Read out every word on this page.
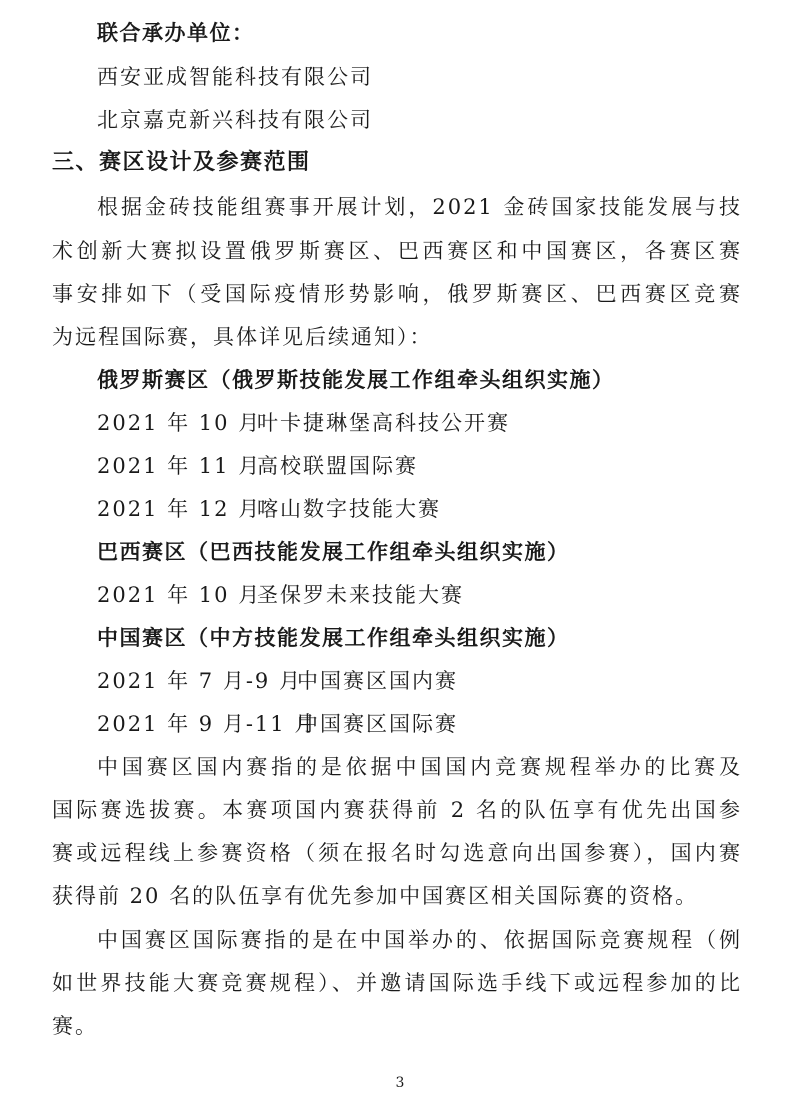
联合承办单位：
西安亚成智能科技有限公司
北京嘉克新兴科技有限公司
三、赛区设计及参赛范围
根据金砖技能组赛事开展计划，2021 金砖国家技能发展与技
术创新大赛拟设置俄罗斯赛区、巴西赛区和中国赛区，各赛区赛
事安排如下（受国际疫情形势影响，俄罗斯赛区、巴西赛区竞赛
为远程国际赛，具体详见后续通知）：
俄罗斯赛区（俄罗斯技能发展工作组牵头组织实施）
2021 年 10 月叶卡捷琳堡高科技公开赛
2021 年 11 月高校联盟国际赛
2021 年 12 月喀山数字技能大赛
巴西赛区（巴西技能发展工作组牵头组织实施）
2021 年 10 月圣保罗未来技能大赛
中国赛区（中方技能发展工作组牵头组织实施）
2021 年 7 月-9 月中国赛区国内赛
2021 年 9 月-11 月中国赛区国际赛
中国赛区国内赛指的是依据中国国内竞赛规程举办的比赛及
国际赛选拔赛。本赛项国内赛获得前 2 名的队伍享有优先出国参
赛或远程线上参赛资格（须在报名时勾选意向出国参赛），国内赛
获得前 20 名的队伍享有优先参加中国赛区相关国际赛的资格。
中国赛区国际赛指的是在中国举办的、依据国际竞赛规程（例
如世界技能大赛竞赛规程）、并邀请国际选手线下或远程参加的比
赛。
3
